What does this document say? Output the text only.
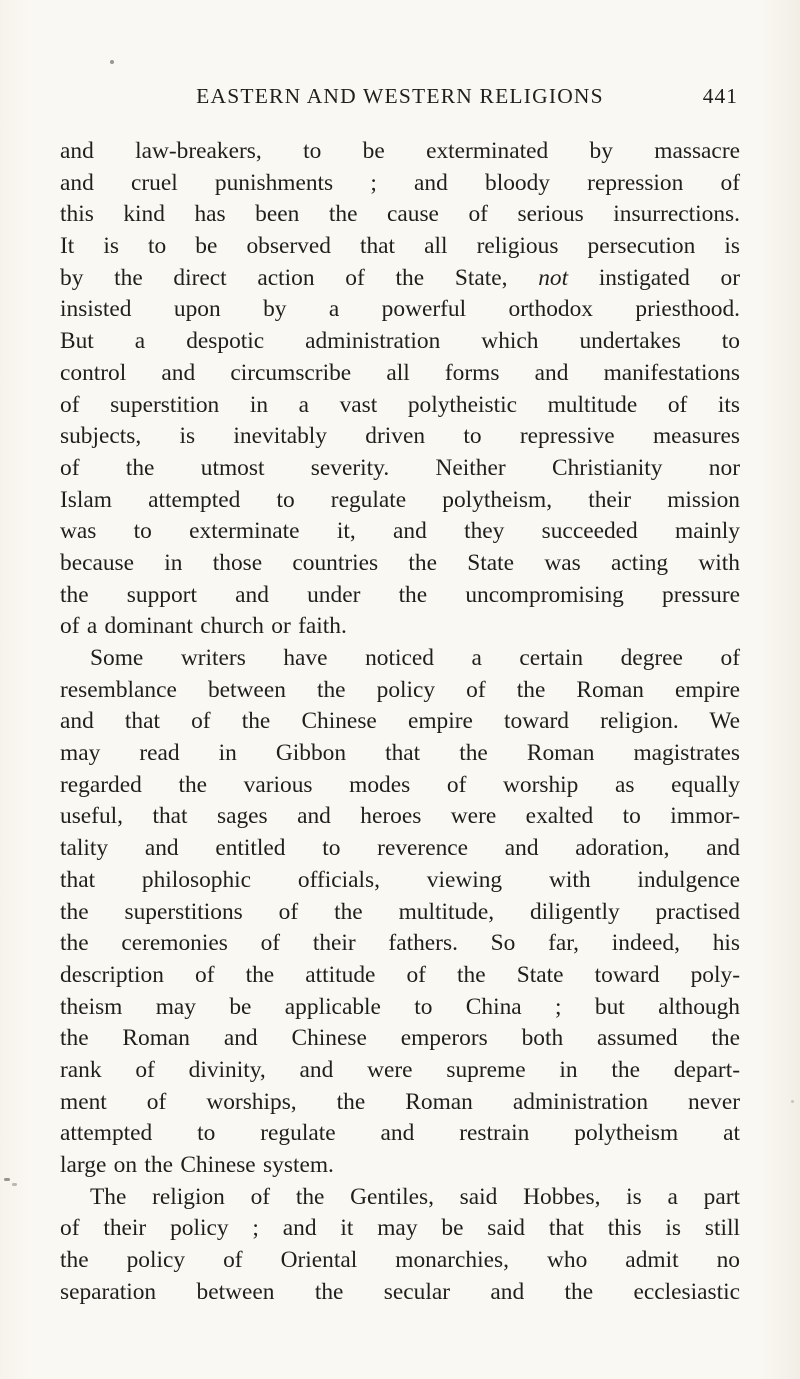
EASTERN AND WESTERN RELIGIONS	441
and law-breakers, to be exterminated by massacre
and cruel punishments ; and bloody repression of
this kind has been the cause of serious insurrections.
It is to be observed that all religious persecution is
by the direct action of the State, not instigated or
insisted upon by a powerful orthodox priesthood.
But a despotic administration which undertakes to
control and circumscribe all forms and manifestations
of superstition in a vast polytheistic multitude of its
subjects, is inevitably driven to repressive measures
of the utmost severity. Neither Christianity nor
Islam attempted to regulate polytheism, their mission
was to exterminate it, and they succeeded mainly
because in those countries the State was acting with
the support and under the uncompromising pressure
of a dominant church or faith.
Some writers have noticed a certain degree of
resemblance between the policy of the Roman empire
and that of the Chinese empire toward religion. We
may read in Gibbon that the Roman magistrates
regarded the various modes of worship as equally
useful, that sages and heroes were exalted to immor-
tality and entitled to reverence and adoration, and
that philosophic officials, viewing with indulgence
the superstitions of the multitude, diligently practised
the ceremonies of their fathers. So far, indeed, his
description of the attitude of the State toward poly-
theism may be applicable to China ; but although
the Roman and Chinese emperors both assumed the
rank of divinity, and were supreme in the depart-
ment of worships, the Roman administration never
attempted to regulate and restrain polytheism at
large on the Chinese system.
The religion of the Gentiles, said Hobbes, is a part
of their policy ; and it may be said that this is still
the policy of Oriental monarchies, who admit no
separation between the secular and the ecclesiastic
